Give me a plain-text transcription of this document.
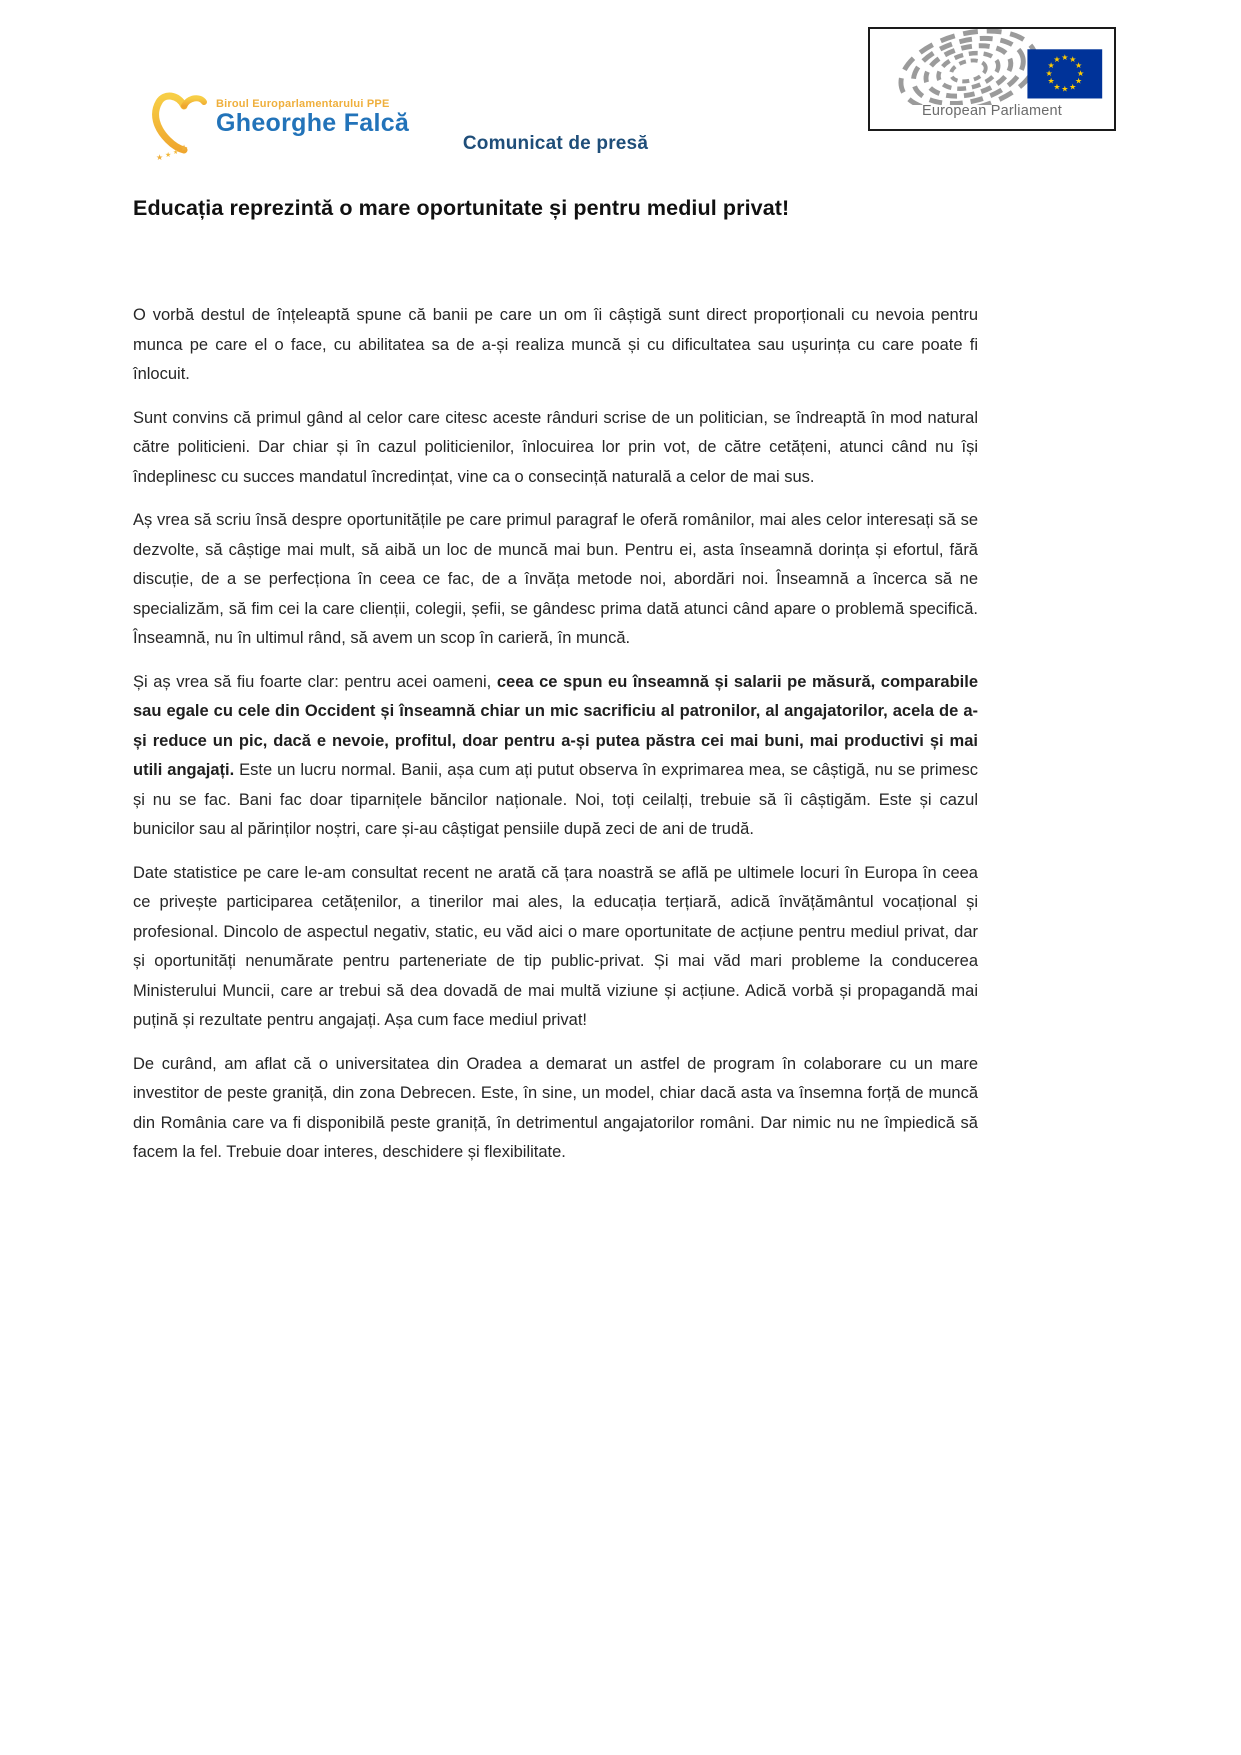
★ ★ ★ ★
Biroul Europarlamentarului PPE
Gheorghe Falcă
★ ★
★
★
★
★
★
★
★
★
★
★
European Parliament
Comunicat de presă
Educația reprezintă o mare oportunitate și pentru mediul privat!

O vorbă destul de înțeleaptă spune că banii pe care un om îi câștigă sunt direct proporționali cu nevoia pentru munca pe care el o face, cu abilitatea sa de a-și realiza muncă și cu dificultatea sau ușurința cu care poate fi înlocuit.

Sunt convins că primul gând al celor care citesc aceste rânduri scrise de un politician, se îndreaptă în mod natural către politicieni. Dar chiar și în cazul politicienilor, înlocuirea lor prin vot, de către cetățeni, atunci când nu își îndeplinesc cu succes mandatul încredințat, vine ca o consecință naturală a celor de mai sus.

Aș vrea să scriu însă despre oportunitățile pe care primul paragraf le oferă românilor, mai ales celor interesați să se dezvolte, să câștige mai mult, să aibă un loc de muncă mai bun. Pentru ei, asta înseamnă dorința și efortul, fără discuție, de a se perfecționa în ceea ce fac, de a învăța metode noi, abordări noi. Înseamnă a încerca să ne specializăm, să fim cei la care clienții, colegii, șefii, se gândesc prima dată atunci când apare o problemă specifică. Înseamnă, nu în ultimul rând, să avem un scop în carieră, în muncă.

Și aș vrea să fiu foarte clar: pentru acei oameni, ceea ce spun eu înseamnă și salarii pe măsură, comparabile sau egale cu cele din Occident și înseamnă chiar un mic sacrificiu al patronilor, al angajatorilor, acela de a-și reduce un pic, dacă e nevoie, profitul, doar pentru a-și putea păstra cei mai buni, mai productivi și mai utili angajați. Este un lucru normal. Banii, așa cum ați putut observa în exprimarea mea, se câștigă, nu se primesc și nu se fac. Bani fac doar tiparnițele băncilor naționale. Noi, toți ceilalți, trebuie să îi câștigăm. Este și cazul bunicilor sau al părinților noștri, care și-au câștigat pensiile după zeci de ani de trudă.

Date statistice pe care le-am consultat recent ne arată că țara noastră se află pe ultimele locuri în Europa în ceea ce privește participarea cetățenilor, a tinerilor mai ales, la educația terțiară, adică învățământul vocațional și profesional. Dincolo de aspectul negativ, static, eu văd aici o mare oportunitate de acțiune pentru mediul privat, dar și oportunități nenumărate pentru parteneriate de tip public-privat. Și mai văd mari probleme la conducerea Ministerului Muncii, care ar trebui să dea dovadă de mai multă viziune și acțiune. Adică vorbă și propagandă mai puțină și rezultate pentru angajați. Așa cum face mediul privat!

De curând, am aflat că o universitatea din Oradea a demarat un astfel de program în colaborare cu un mare investitor de peste graniță, din zona Debrecen. Este, în sine, un model, chiar dacă asta va însemna forță de muncă din România care va fi disponibilă peste graniță, în detrimentul angajatorilor români. Dar nimic nu ne împiedică să facem la fel. Trebuie doar interes, deschidere și flexibilitate.
